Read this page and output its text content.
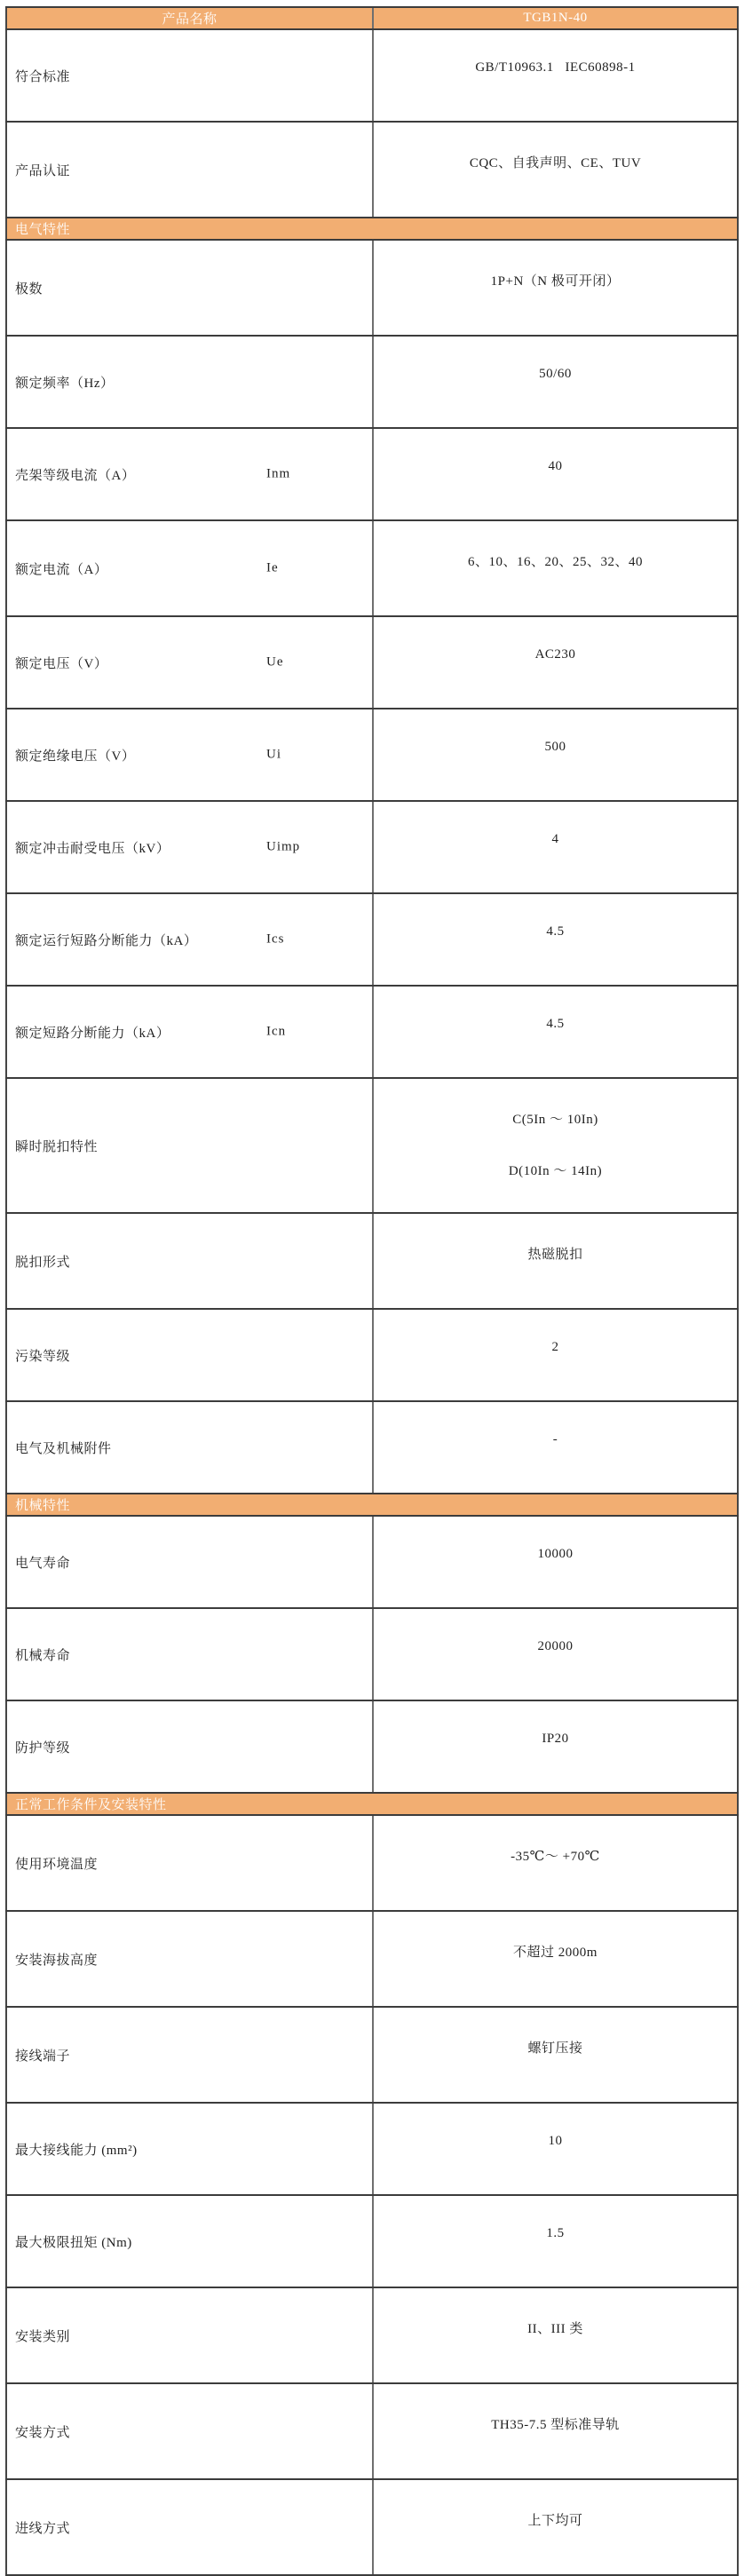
产品名称	TGB1N-40
符合标准	GB/T10963.1   IEC60898-1

产品认证	CQC、自我声明、CE、TUV

电气特性	
极数	1P+N（N 极可开闭）

额定频率（Hz）	50/60

壳架等级电流（A） Inm	40

额定电流（A） Ie	6、10、16、20、25、32、40

额定电压（V） Ue	AC230

额定绝缘电压（V） Ui	500

额定冲击耐受电压（kV） Uimp	4

额定运行短路分断能力（kA） Ics	4.5

额定短路分断能力（kA） Icn	4.5

瞬时脱扣特性	C(5In ～ 10In)

D(10In ～ 14In)

脱扣形式	热磁脱扣

污染等级	2

电气及机械附件	-

机械特性	
电气寿命	10000

机械寿命	20000

防护等级	IP20

正常工作条件及安装特性	
使用环境温度	-35℃～ +70℃

安装海拔高度	不超过 2000m

接线端子	螺钉压接

最大接线能力 (mm²)	10

最大极限扭矩 (Nm)	1.5

安装类别	II、III 类

安装方式	TH35-7.5 型标准导轨

进线方式	上下均可
